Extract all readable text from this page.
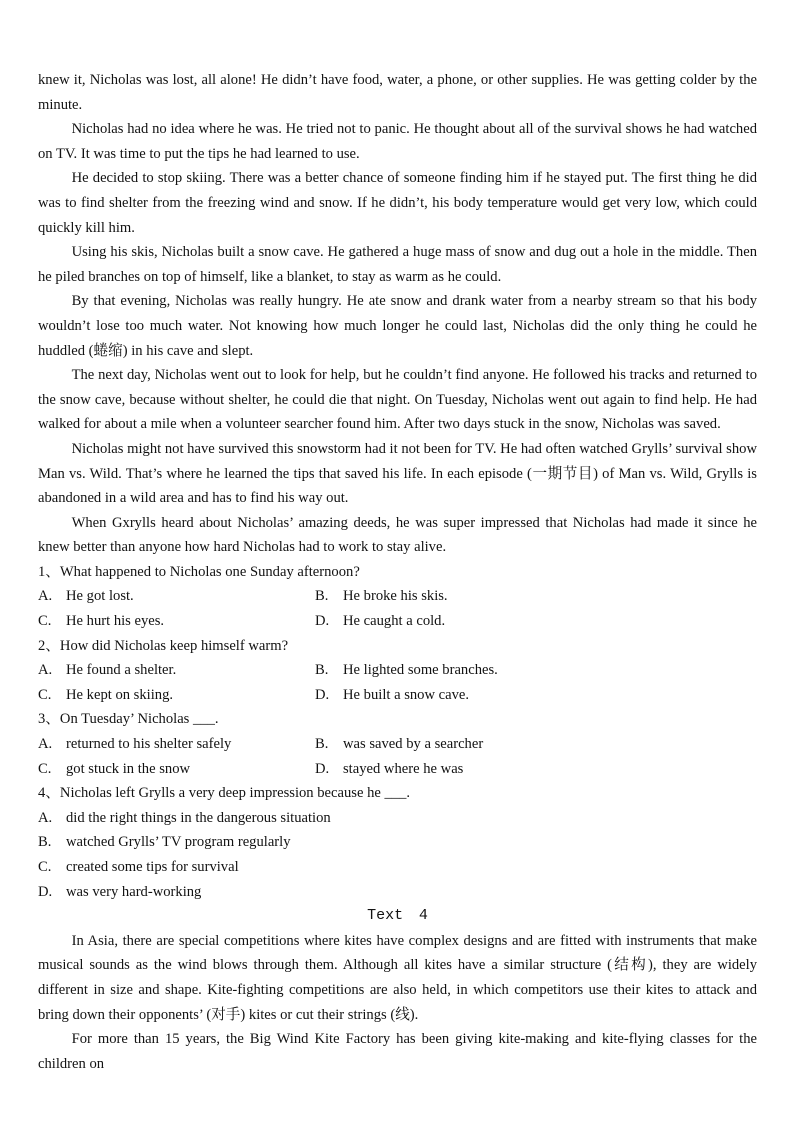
knew it, Nicholas was lost, all alone! He didn’t have food, water, a phone, or other supplies. He was getting colder by the minute.

Nicholas had no idea where he was. He tried not to panic. He thought about all of the survival shows he had watched on TV. It was time to put the tips he had learned to use.

He decided to stop skiing. There was a better chance of someone finding him if he stayed put. The first thing he did was to find shelter from the freezing wind and snow. If he didn’t, his body temperature would get very low, which could quickly kill him.

Using his skis, Nicholas built a snow cave. He gathered a huge mass of snow and dug out a hole in the middle. Then he piled branches on top of himself, like a blanket, to stay as warm as he could.

By that evening, Nicholas was really hungry. He ate snow and drank water from a nearby stream so that his body wouldn’t lose too much water. Not knowing how much longer he could last, Nicholas did the only thing he could he huddled (蜷缩) in his cave and slept.

The next day, Nicholas went out to look for help, but he couldn’t find anyone. He followed his tracks and returned to the snow cave, because without shelter, he could die that night. On Tuesday, Nicholas went out again to find help. He had walked for about a mile when a volunteer searcher found him. After two days stuck in the snow, Nicholas was saved.

Nicholas might not have survived this snowstorm had it not been for TV. He had often watched Grylls’ survival show Man vs. Wild. That’s where he learned the tips that saved his life. In each episode (一期节目) of Man vs. Wild, Grylls is abandoned in a wild area and has to find his way out.

When Gxrylls heard about Nicholas’ amazing deeds, he was super impressed that Nicholas had made it since he knew better than anyone how hard Nicholas had to work to stay alive.

1、What happened to Nicholas one Sunday afternoon?

A. He got lost.	B.	He broke his skis.
C.	He hurt his eyes.	D. He caught a cold.

2、How did Nicholas keep himself warm?

A. He found a shelter.	B.	He lighted some branches.
C.	He kept on skiing.	D. He built a snow cave.

3、On Tuesday’ Nicholas ___.

A. returned to his shelter safely	B.	was saved by a searcher
C.	got stuck in the snow	D. stayed where he was

4、Nicholas left Grylls a very deep impression because he ___.

A. did the right things in the dangerous situation
B.	watched Grylls’ TV program regularly
C.	created some tips for survival
D. was very hard-working

Text 4

In Asia, there are special competitions where kites have complex designs and are fitted with instruments that make musical sounds as the wind blows through them. Although all kites have a similar structure (结构), they are widely different in size and shape. Kite-fighting competitions are also held, in which competitors use their kites to attack and bring down their opponents’ (对手) kites or cut their strings (线).

For more than 15 years, the Big Wind Kite Factory has been giving kite-making and kite-flying classes for the children on
